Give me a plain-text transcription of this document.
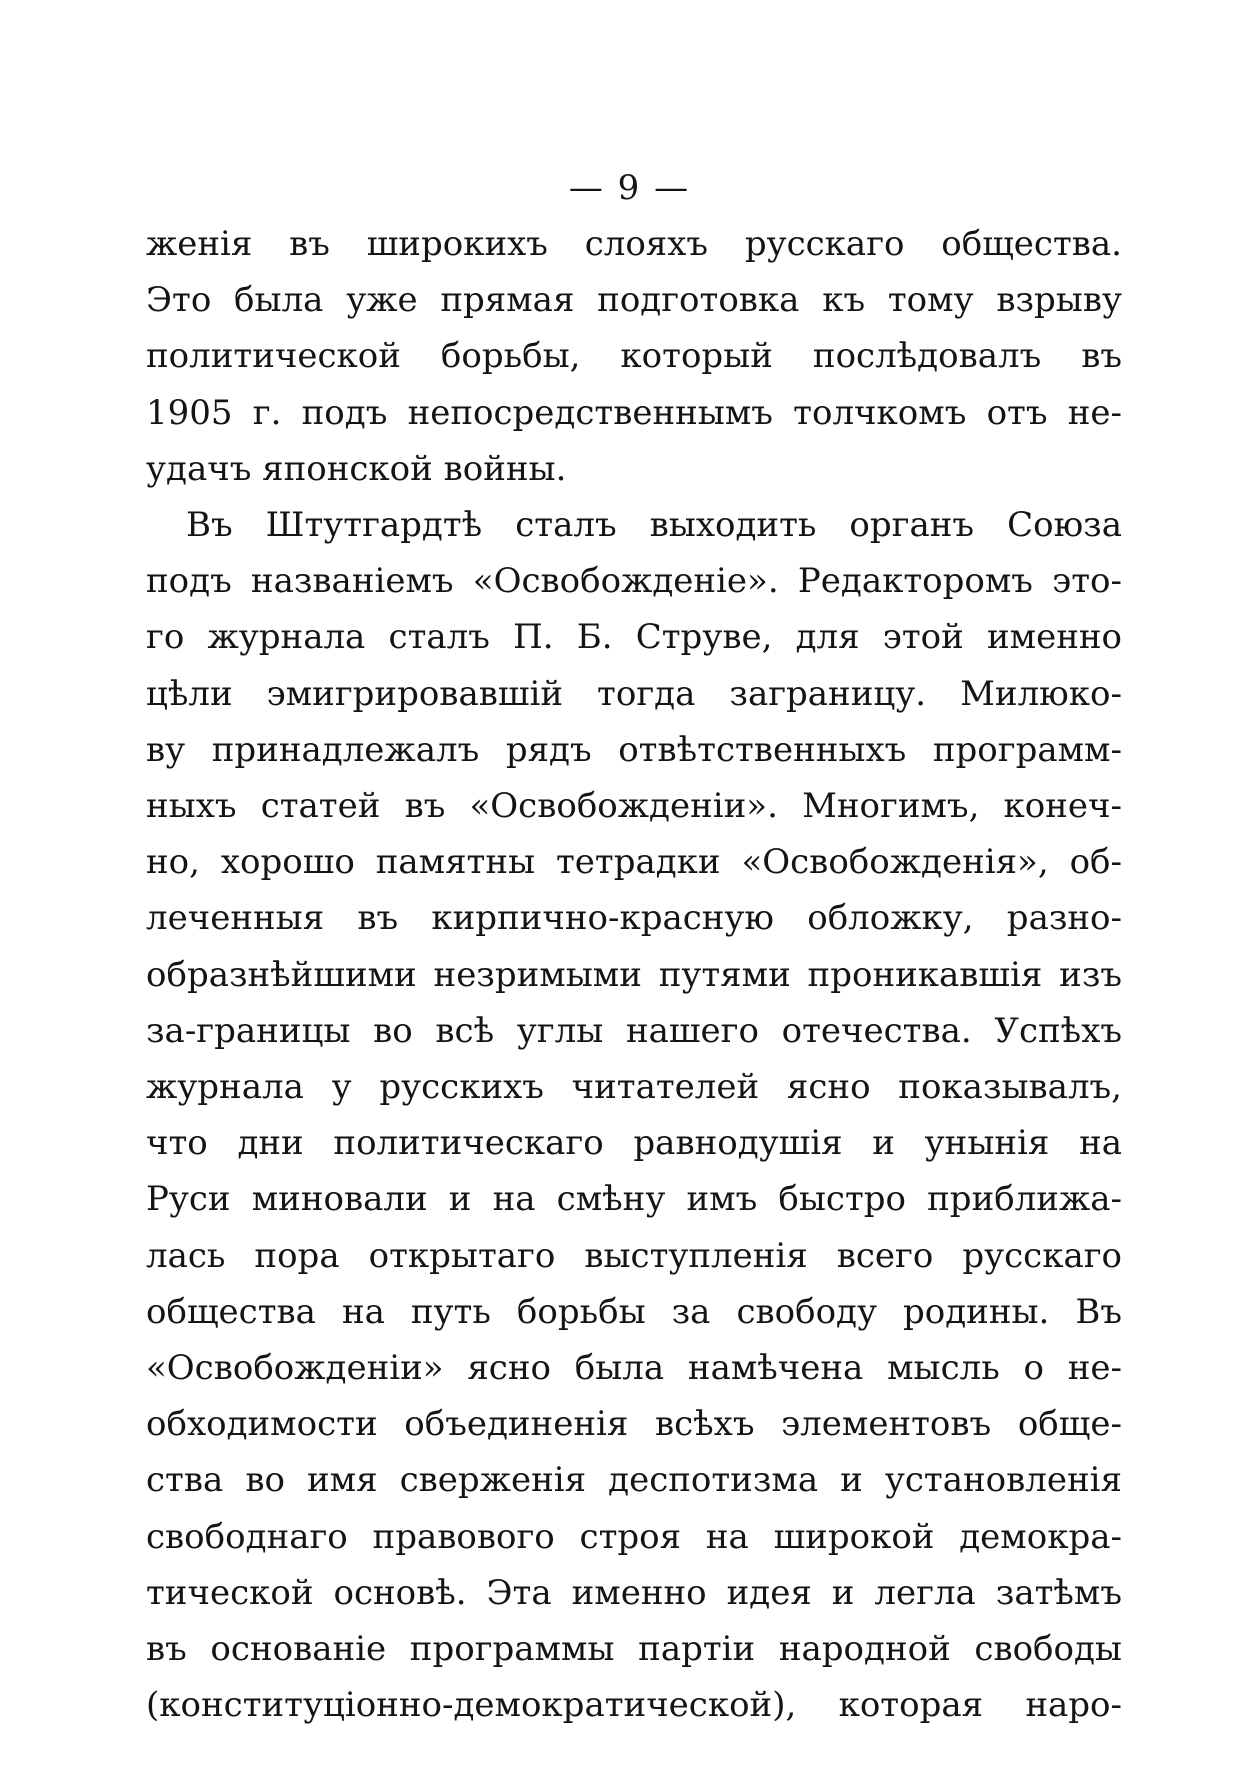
— 9 —
женія въ широкихъ слояхъ русскаго общества.
Это была уже прямая подготовка къ тому взрыву
политической борьбы, который послѣдовалъ въ
1905 г. подъ непосредственнымъ толчкомъ отъ не-
удачъ японской войны.
Въ Штутгардтѣ сталъ выходить органъ Союза
подъ названіемъ «Освобожденіе». Редакторомъ это-
го журнала сталъ П. Б. Струве, для этой именно
цѣли эмигрировавшій тогда заграницу. Милюко-
ву принадлежалъ рядъ отвѣтственныхъ программ-
ныхъ статей въ «Освобожденіи». Многимъ, конеч-
но, хорошо памятны тетрадки «Освобожденія», об-
леченныя въ кирпично-красную обложку, разно-
образнѣйшими незримыми путями проникавшія изъ
за-границы во всѣ углы нашего отечества. Успѣхъ
журнала у русскихъ читателей ясно показывалъ,
что дни политическаго равнодушія и унынія на
Руси миновали и на смѣну имъ быстро приближа-
лась пора открытаго выступленія всего русскаго
общества на путь борьбы за свободу родины. Въ
«Освобожденіи» ясно была намѣчена мысль о не-
обходимости объединенія всѣхъ элементовъ обще-
ства во имя сверженія деспотизма и установленія
свободнаго правового строя на широкой демокра-
тической основѣ. Эта именно идея и легла затѣмъ
въ основаніе программы партіи народной свободы
(конституціонно-демократической), которая наро-
